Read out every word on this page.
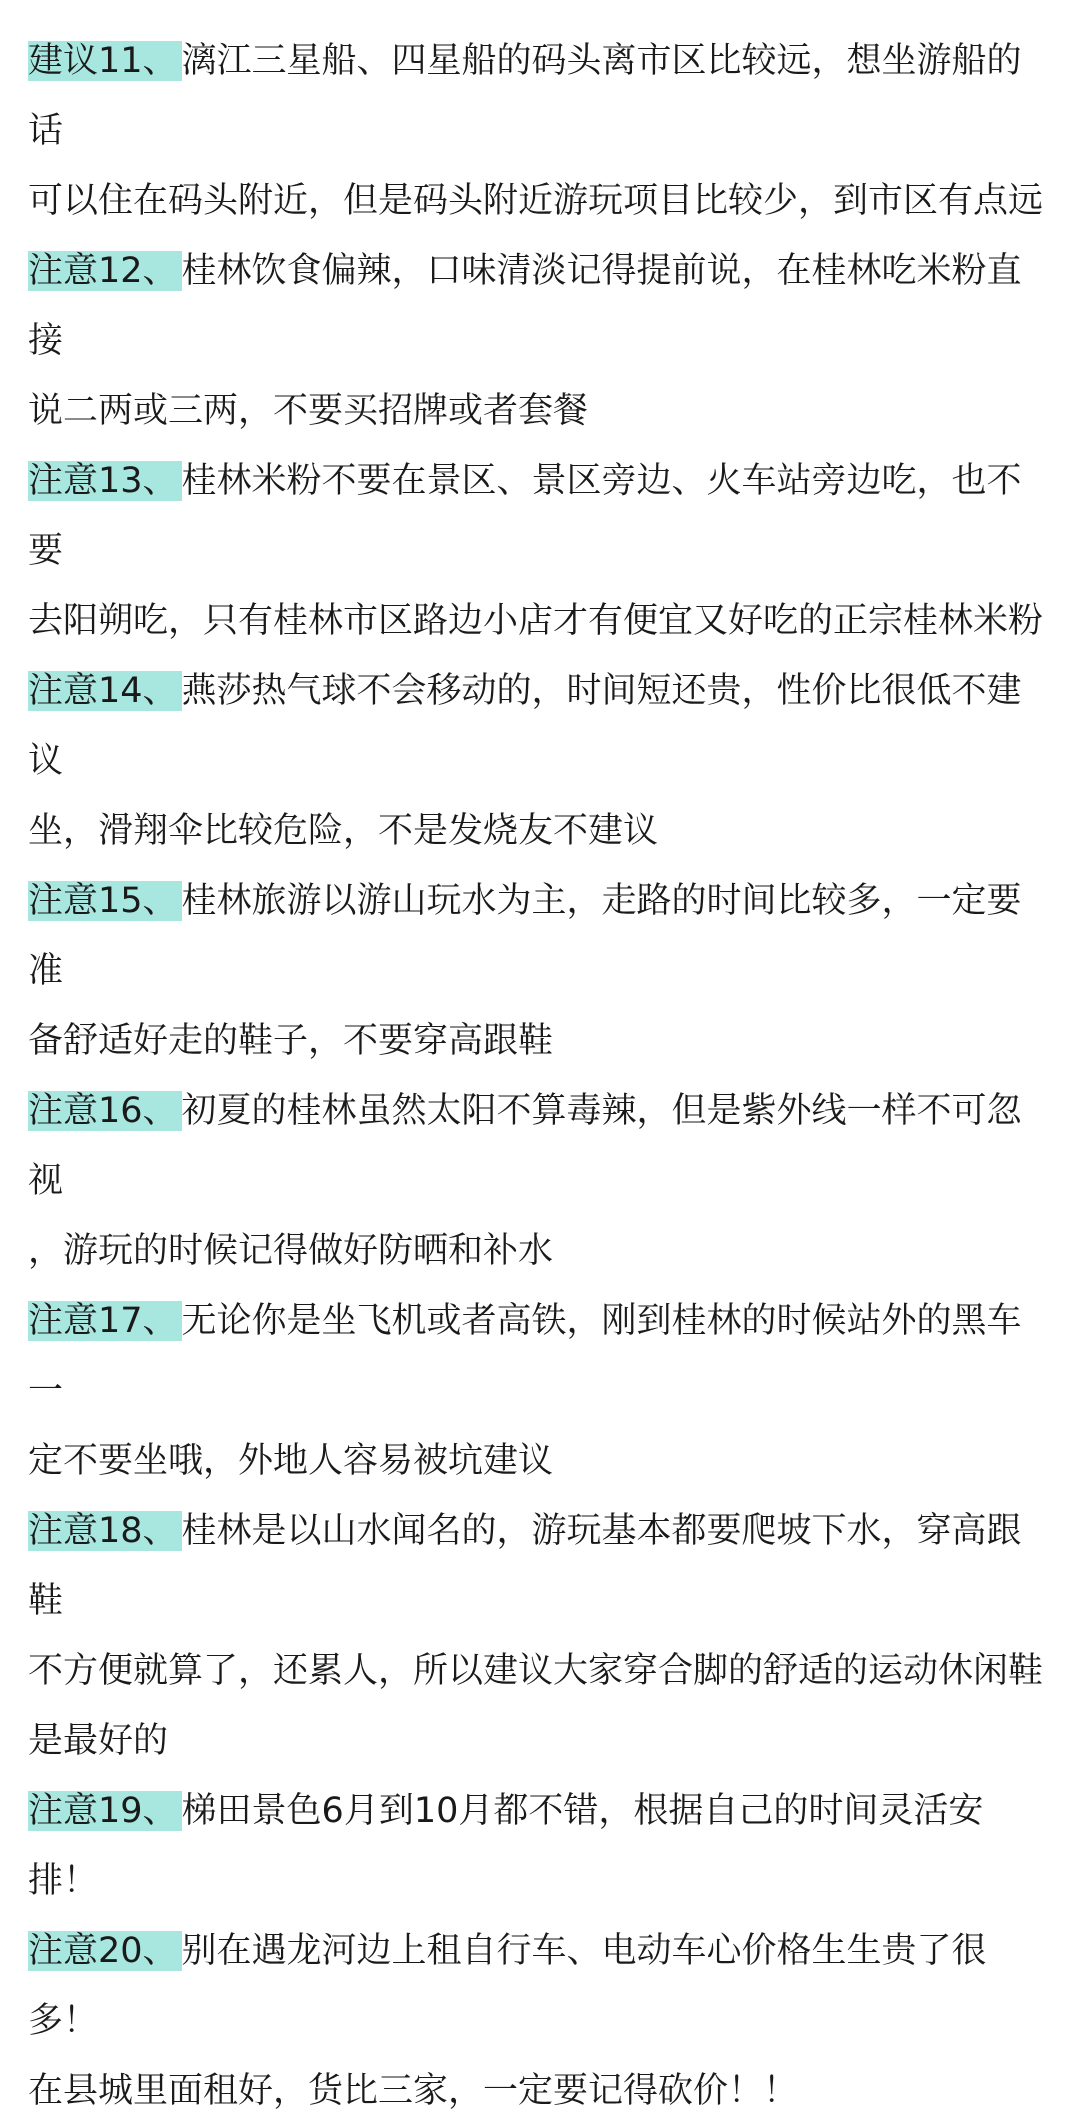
建议11、 漓江三星船、四星船的码头离市区比较远，想坐游船的话
可以住在码头附近，但是码头附近游玩项目比较少，到市区有点远
注意12、 桂林饮食偏辣，口味清淡记得提前说，在桂林吃米粉直接
说二两或三两，不要买招牌或者套餐
注意13、 桂林米粉不要在景区、景区旁边、火车站旁边吃，也不要
去阳朔吃，只有桂林市区路边小店才有便宜又好吃的正宗桂林米粉
注意14、 燕莎热气球不会移动的，时间短还贵，性价比很低不建议
坐，滑翔伞比较危险，不是发烧友不建议
注意15、 桂林旅游以游山玩水为主，走路的时间比较多，一定要准
备舒适好走的鞋子，不要穿高跟鞋
注意16、 初夏的桂林虽然太阳不算毒辣，但是紫外线一样不可忽视
，游玩的时候记得做好防晒和补水
注意17、 无论你是坐飞机或者高铁，刚到桂林的时候站外的黑车一
定不要坐哦，外地人容易被坑建议
注意18、 桂林是以山水闻名的，游玩基本都要爬坡下水，穿高跟鞋
不方便就算了，还累人，所以建议大家穿合脚的舒适的运动休闲鞋
是最好的
注意19、 梯田景色6月到10月都不错，根据自己的时间灵活安排！
注意20、 别在遇龙河边上租自行车、电动车心价格生生贵了很多！
在县城里面租好，货比三家，一定要记得砍价！！
